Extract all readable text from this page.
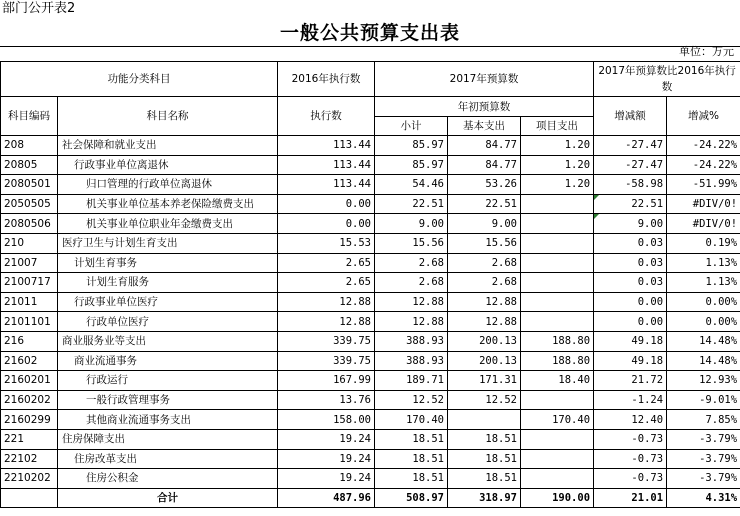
部门公开表2
一般公共预算支出表
单位：万元
功能分类科目		2016年执行数	2017年预算数			2017年预算数比2016年执行数	
科目编码	科目名称	执行数	年初预算数			增减额	增减%
			小计	基本支出	项目支出		
208	社会保障和就业支出	113.44	85.97	84.77	1.20	-27.47	-24.22%
20805	行政事业单位离退休	113.44	85.97	84.77	1.20	-27.47	-24.22%
2080501	归口管理的行政单位离退休	113.44	54.46	53.26	1.20	-58.98	-51.99%
2050505	机关事业单位基本养老保险缴费支出	0.00	22.51	22.51		22.51	#DIV/0!
2080506	机关事业单位职业年金缴费支出	0.00	9.00	9.00		9.00	#DIV/0!
210	医疗卫生与计划生育支出	15.53	15.56	15.56		0.03	0.19%
21007	计划生育事务	2.65	2.68	2.68		0.03	1.13%
2100717	计划生育服务	2.65	2.68	2.68		0.03	1.13%
21011	行政事业单位医疗	12.88	12.88	12.88		0.00	0.00%
2101101	行政单位医疗	12.88	12.88	12.88		0.00	0.00%
216	商业服务业等支出	339.75	388.93	200.13	188.80	49.18	14.48%
21602	商业流通事务	339.75	388.93	200.13	188.80	49.18	14.48%
2160201	行政运行	167.99	189.71	171.31	18.40	21.72	12.93%
2160202	一般行政管理事务	13.76	12.52	12.52		-1.24	-9.01%
2160299	其他商业流通事务支出	158.00	170.40		170.40	12.40	7.85%
221	住房保障支出	19.24	18.51	18.51		-0.73	-3.79%
22102	住房改革支出	19.24	18.51	18.51		-0.73	-3.79%
2210202	住房公积金	19.24	18.51	18.51		-0.73	-3.79%
	合计	487.96	508.97	318.97	190.00	21.01	4.31%
